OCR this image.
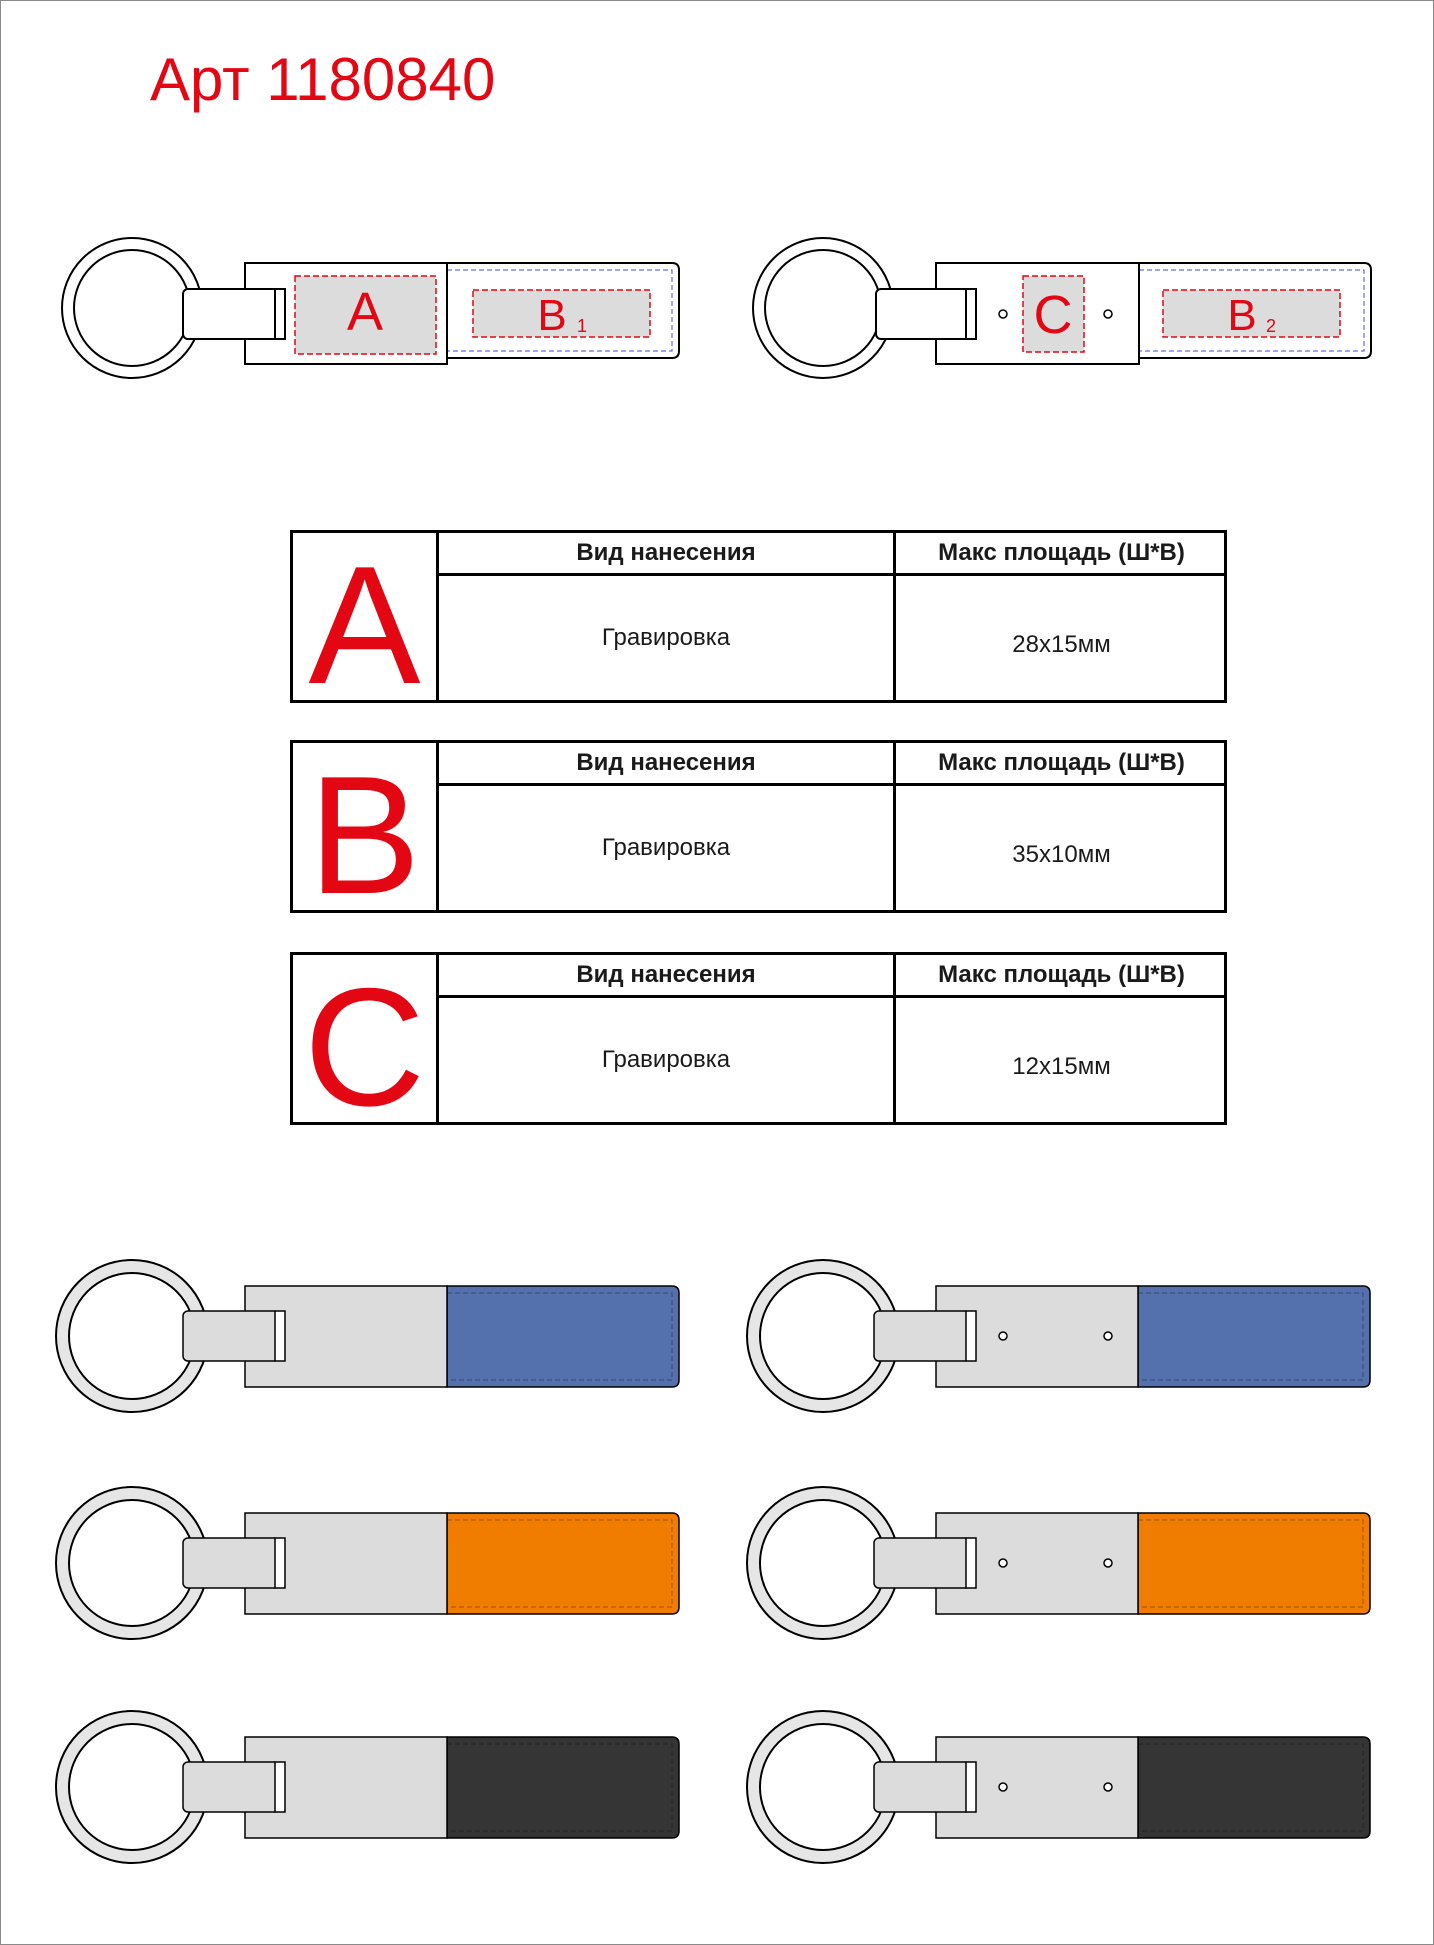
Арт 1180840
A	B 1	C	B 2
A	Вид нанесения	Макс площадь (Ш*В)
Гравировка	28x15мм
B	Вид нанесения	Макс площадь (Ш*В)
Гравировка	35x10мм
C	Вид нанесения	Макс площадь (Ш*В)
Гравировка	12x15мм
